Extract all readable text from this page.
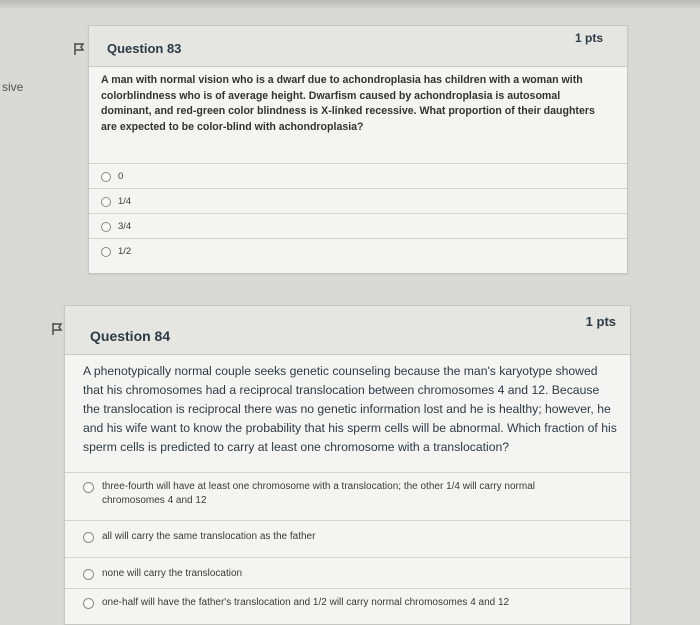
sive
Question 83
1 pts
A man with normal vision who is a dwarf due to achondroplasia has children with a woman with colorblindness who is of average height. Dwarfism caused by achondroplasia is autosomal dominant, and red-green color blindness is X-linked recessive. What proportion of their daughters are expected to be color-blind with achondroplasia?
0
1/4
3/4
1/2
Question 84
1 pts
A phenotypically normal couple seeks genetic counseling because the man's karyotype showed that his chromosomes had a reciprocal translocation between chromosomes 4 and 12. Because the translocation is reciprocal there was no genetic information lost and he is healthy; however, he and his wife want to know the probability that his sperm cells will be abnormal. Which fraction of his sperm cells is predicted to carry at least one chromosome with a translocation?
three-fourth will have at least one chromosome with a translocation; the other 1/4 will carry normal chromosomes 4 and 12
all will carry the same translocation as the father
none will carry the translocation
one-half will have the father's translocation and 1/2 will carry normal chromosomes 4 and 12
